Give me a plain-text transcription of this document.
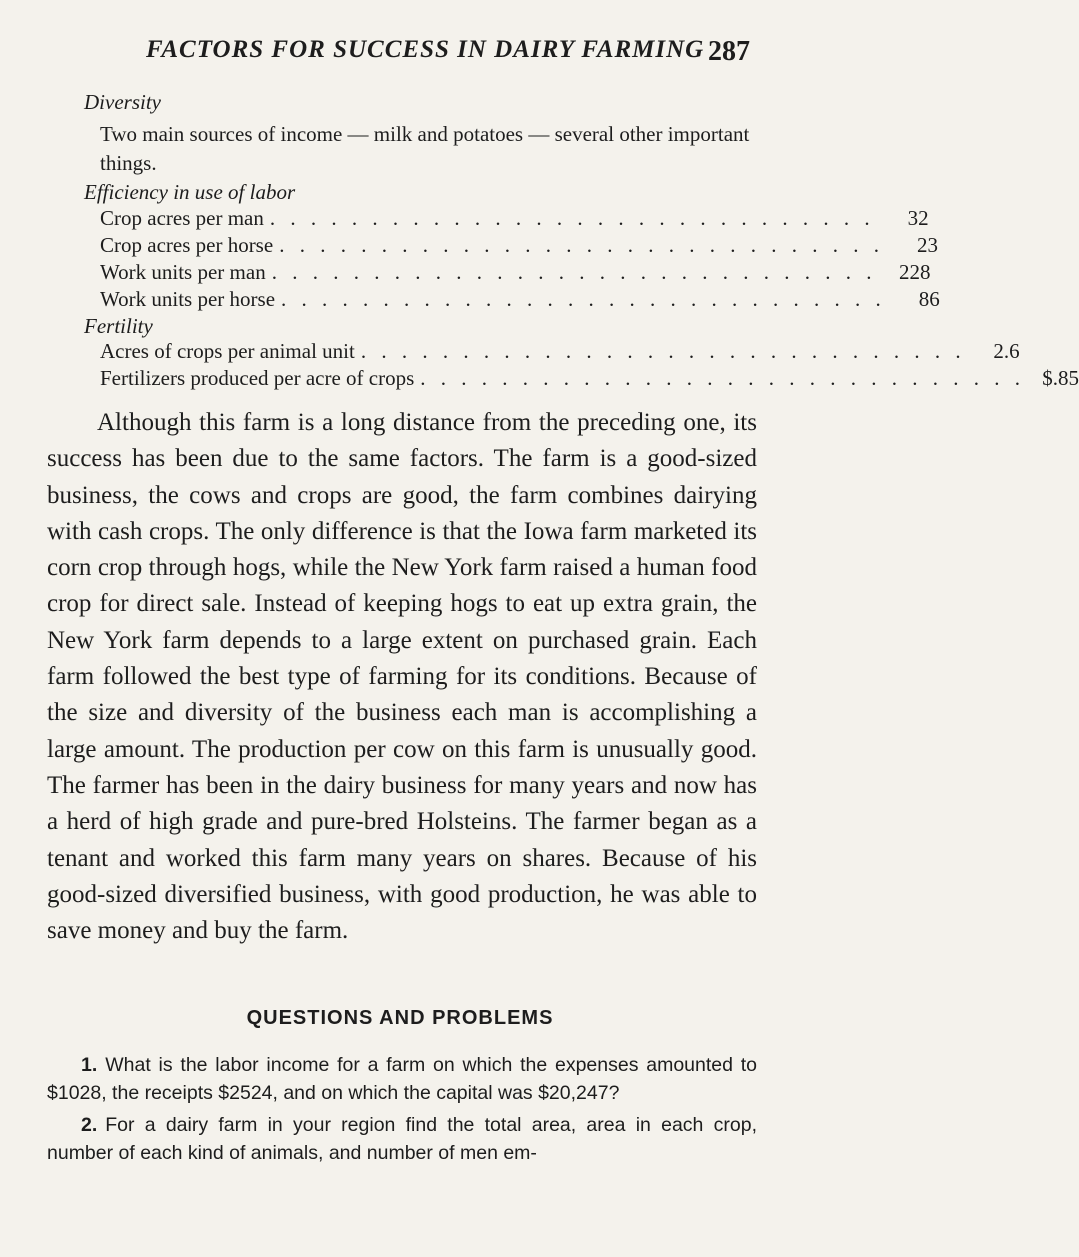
FACTORS FOR SUCCESS IN DAIRY FARMING 287
Diversity
Two main sources of income — milk and potatoes — several other important things.
Efficiency in use of labor
Crop acres per man . . . . . . . . . . . . . . . . . . . . . . . . . . . . . .	32
Crop acres per horse . . . . . . . . . . . . . . . . . . . . . . . . . . . . . .	23
Work units per man . . . . . . . . . . . . . . . . . . . . . . . . . . . . . .	228
Work units per horse . . . . . . . . . . . . . . . . . . . . . . . . . . . . . .	86
Fertility
Acres of crops per animal unit . . . . . . . . . . . . . . . . . . . . . . . . . . . . . .	2.6
Fertilizers produced per acre of crops . . . . . . . . . . . . . . . . . . . . . . . . . . . . . . $.85

Although this farm is a long distance from the preceding one, its success has been due to the same factors. The farm is a good-sized business, the cows and crops are good, the farm combines dairying with cash crops. The only difference is that the Iowa farm marketed its corn crop through hogs, while the New York farm raised a human food crop for direct sale. Instead of keeping hogs to eat up extra grain, the New York farm depends to a large extent on purchased grain. Each farm followed the best type of farming for its conditions. Because of the size and diversity of the business each man is accomplishing a large amount. The production per cow on this farm is unusually good. The farmer has been in the dairy business for many years and now has a herd of high grade and pure-bred Holsteins. The farmer began as a tenant and worked this farm many years on shares. Because of his good-sized diversified business, with good production, he was able to save money and buy the farm.

QUESTIONS AND PROBLEMS

1. What is the labor income for a farm on which the expenses amounted to $1028, the receipts $2524, and on which the capital was $20,247?

2. For a dairy farm in your region find the total area, area in each crop, number of each kind of animals, and number of men em-
